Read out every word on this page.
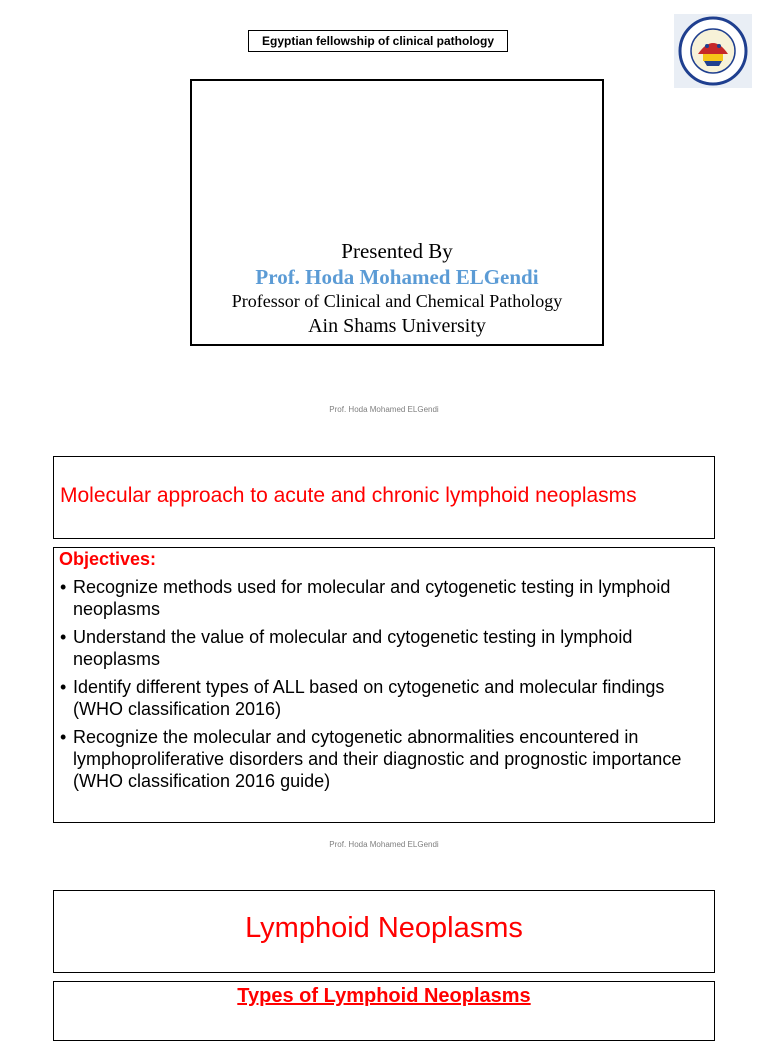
Egyptian fellowship of clinical pathology
Presented By
Prof. Hoda Mohamed ELGendi
Professor of Clinical and Chemical Pathology
Ain Shams University
Prof. Hoda Mohamed ELGendi
Molecular approach to acute and chronic lymphoid neoplasms
Objectives:
• Recognize methods used for molecular and cytogenetic testing in lymphoid neoplasms
• Understand the value of molecular and cytogenetic testing in lymphoid neoplasms
• Identify different types of ALL based on cytogenetic and molecular findings (WHO classification 2016)
• Recognize the molecular and cytogenetic abnormalities encountered in lymphoproliferative disorders and their diagnostic and prognostic importance (WHO classification 2016 guide)
Prof. Hoda Mohamed ELGendi
Lymphoid Neoplasms
Types of Lymphoid Neoplasms
